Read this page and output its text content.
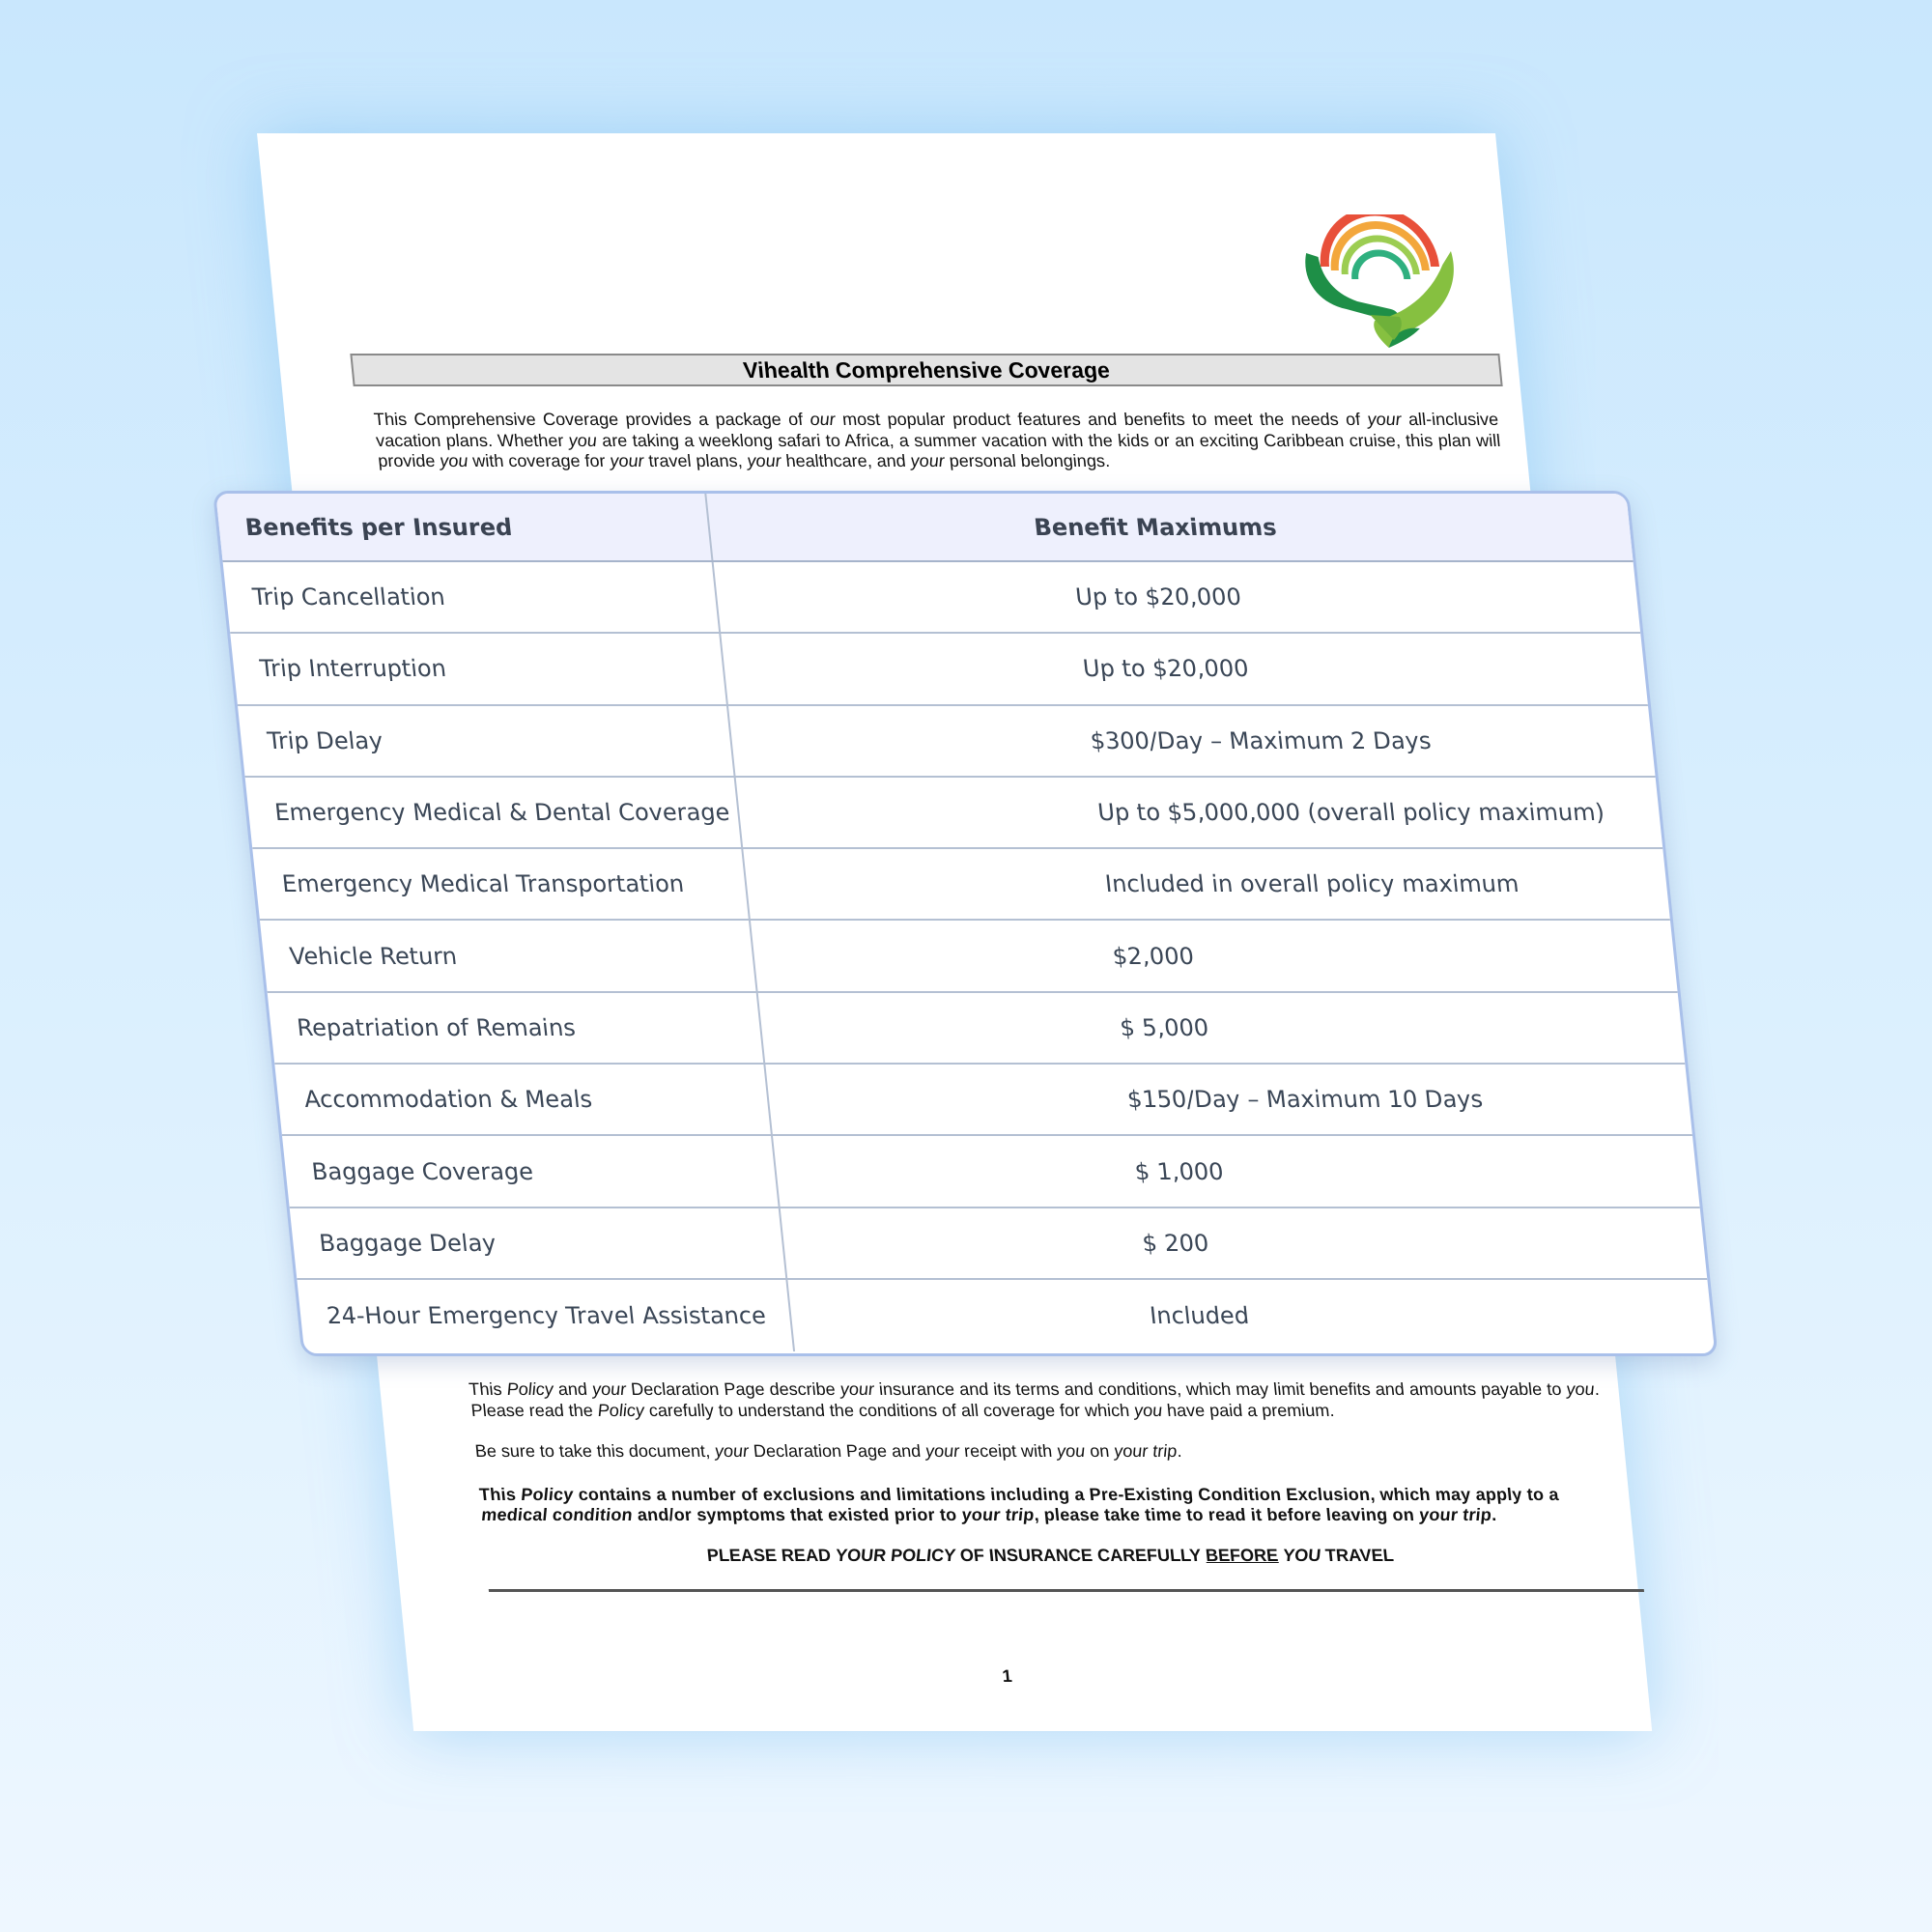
Vihealth Comprehensive Coverage

This Comprehensive Coverage provides a package of our most popular product features and benefits to meet the needs of your all-inclusive vacation plans. Whether you are taking a weeklong safari to Africa, a summer vacation with the kids or an exciting Caribbean cruise, this plan will provide you with coverage for your travel plans, your healthcare, and your personal belongings.

This Policy and your Declaration Page describe your insurance and its terms and conditions, which may limit benefits and amounts payable to you. Please read the Policy carefully to understand the conditions of all coverage for which you have paid a premium.

Be sure to take this document, your Declaration Page and your receipt with you on your trip.

This Policy contains a number of exclusions and limitations including a Pre-Existing Condition Exclusion, which may apply to a medical condition and/or symptoms that existed prior to your trip, please take time to read it before leaving on your trip.

PLEASE READ YOUR POLICY OF INSURANCE CAREFULLY BEFORE YOU TRAVEL

1
Benefits per Insured	Benefit Maximums
Trip Cancellation	Up to $20,000
Trip Interruption	Up to $20,000
Trip Delay	$300/Day – Maximum 2 Days
Emergency Medical & Dental Coverage	Up to $5,000,000 (overall policy maximum)
Emergency Medical Transportation	Included in overall policy maximum
Vehicle Return	$2,000
Repatriation of Remains	$ 5,000
Accommodation & Meals	$150/Day – Maximum 10 Days
Baggage Coverage	$ 1,000
Baggage Delay	$ 200
24-Hour Emergency Travel Assistance	Included
